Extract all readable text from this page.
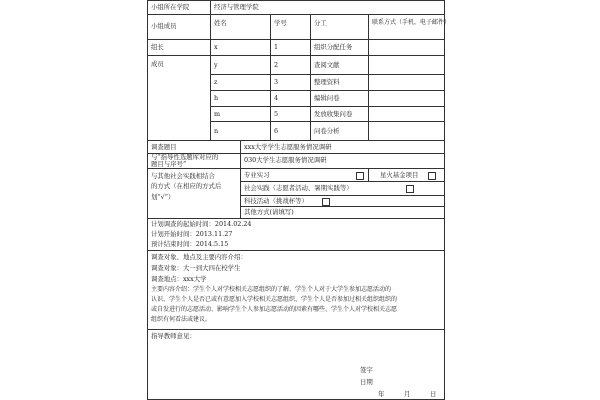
小组所在学院	经济与管理学院
小组成员	姓名	学号	分工	联系方式（手机，电子邮件）
组长	x	1	组织分配任务
成员	y	2	查阅文献
z	3	整理资料
h	4	编辑问卷
m	5	发放收集问卷
n	6	问卷分析
调查题目	xxx大学学生志愿服务情况调研
与“指导性选题库对应的
题目与序号”	030大学生志愿服务情况调研
与其他社会实践相结合
的方式（在相应的方式后
划“√”）
专业实习	星火基金项目
社会实践（志愿者活动、暑期实践等）
科技活动（挑战杯等）
其他方式(请填写)
计划调查的起始时间：2014.02.24
计划开始时间：2013.11.27
预计结束时间：2014.5.15
调查对象、地点及主要内容介绍：
调查对象：大一到大四在校学生
调查地点：xxx大学
主要内容介绍：学生个人对学校相关志愿组织的了解、学生个人对于大学生参加志愿活动的
认识、学生个人是否已或有意愿加入学校相关志愿组织、学生个人是否参加过相关组织组织的
或自发进行的志愿活动、影响学生个人参加志愿活动的因素有哪些、学生个人对学校相关志愿
组织有何看法或建议。
指导教师意见：
签字
日期
年	月	日
